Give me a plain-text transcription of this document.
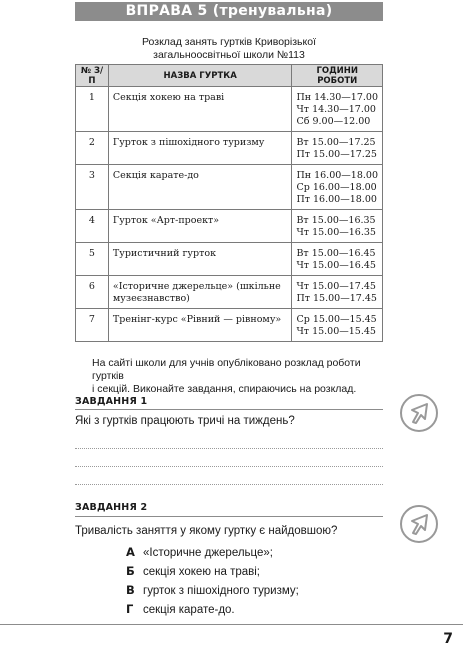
ВПРАВА 5 (тренувальна)
Розклад занять гуртків Криворізької
загальноосвітньої школи №113
№ З/П	НАЗВА ГУРТКА	ГОДИНИ РОБОТИ
1	Секція хокею на траві	Пн 14.30—17.00
Чт 14.30—17.00
Сб 9.00—12.00

2	Гурток з пішохідного туризму	Вт 15.00—17.25
Пт 15.00—17.25

3	Секція карате-до	Пн 16.00—18.00
Ср 16.00—18.00
Пт 16.00—18.00

4	Гурток «Арт-проект»	Вт 15.00—16.35
Чт 15.00—16.35

5	Туристичний гурток	Вт 15.00—16.45
Чт 15.00—16.45

6	«Історичне джерельце» (шкільне музеєзнавство)	Чт 15.00—17.45
Пт 15.00—17.45

7	Тренінг-курс «Рівний — рівному»	Ср 15.00—15.45
Чт 15.00—15.45
На сайті школи для учнів опубліковано розклад роботи гуртків
і секцій. Виконайте завдання, спираючись на розклад.
ЗАВДАННЯ 1
Які з гуртків працюють тричі на тиждень?
ЗАВДАННЯ 2
Тривалість заняття у якому гуртку є найдовшою?
А «Історичне джерельце»;
Б секція хокею на траві;
В гурток з пішохідного туризму;
Г секція карате-до.
7
